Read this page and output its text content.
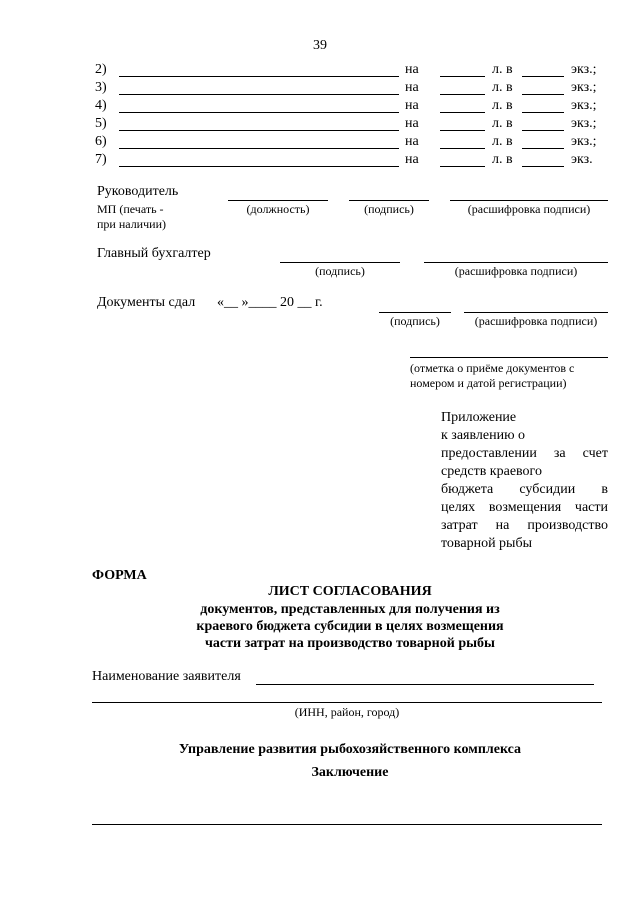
39
2)	на	л. в	экз.;
3)	на	л. в	экз.;
4)	на	л. в	экз.;
5)	на	л. в	экз.;
6)	на	л. в	экз.;
7)	на	л. в	экз.
Руководитель
МП (печать -
при наличии)
(должность)	(подпись)	(расшифровка подписи)
Главный бухгалтер
(подпись)	(расшифровка подписи)
Документы сдал «__ »____ 20 __ г.
(подпись)	(расшифровка подписи)
(отметка о приёме документов с
номером и датой регистрации)
Приложение
к заявлению о
предоставлении за счет
средств краевого
бюджета субсидии в
целях возмещения части
затрат на производство
товарной рыбы
ФОРМА
ЛИСТ СОГЛАСОВАНИЯ
документов, представленных для получения из
краевого бюджета субсидии в целях возмещения
части затрат на производство товарной рыбы
Наименование заявителя
(ИНН, район, город)
Управление развития рыбохозяйственного комплекса
Заключение
